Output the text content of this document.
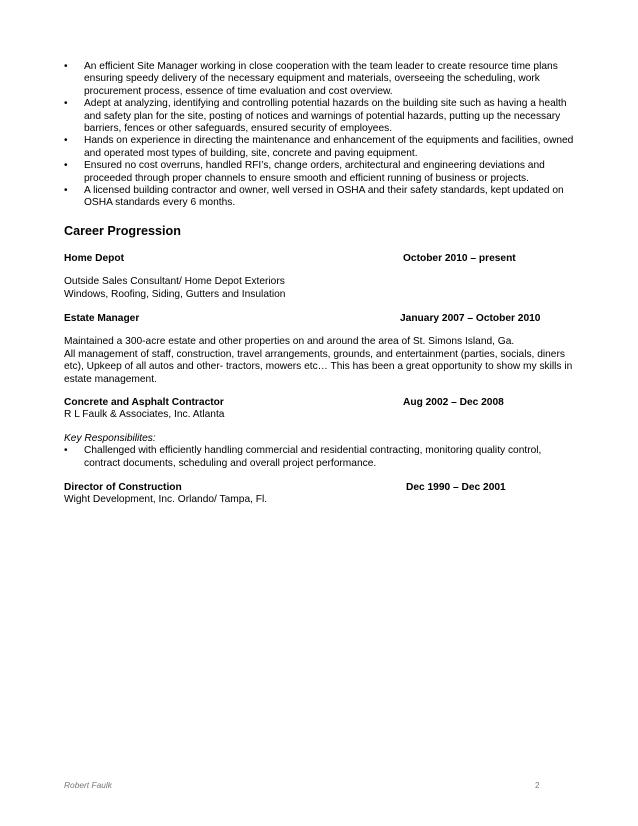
•	An efficient Site Manager working in close cooperation with the team leader to create resource time plans ensuring speedy delivery of the necessary equipment and materials, overseeing the scheduling, work procurement process, essence of time evaluation and cost overview.
•	Adept at analyzing, identifying and controlling potential hazards on the building site such as having a health and safety plan for the site, posting of notices and warnings of potential hazards, putting up the necessary barriers, fences or other safeguards, ensured security of employees.
•	Hands on experience in directing the maintenance and enhancement of the equipments and facilities, owned and operated most types of building, site, concrete and paving equipment.
•	Ensured no cost overruns, handled RFI’s, change orders, architectural and engineering deviations and proceeded through proper channels to ensure smooth and efficient running of business or projects.
•	A licensed building contractor and owner, well versed in OSHA and their safety standards, kept updated on OSHA standards every 6 months.
Career Progression
Home Depot	October 2010 – present
Outside Sales Consultant/ Home Depot Exteriors
Windows, Roofing, Siding, Gutters and Insulation
Estate Manager	January 2007 – October 2010
Maintained a 300-acre estate and other properties on and around the area of St. Simons Island, Ga.
All management of staff, construction, travel arrangements, grounds, and entertainment (parties, socials, diners etc), Upkeep of all autos and other- tractors, mowers etc… This has been a great opportunity to show my skills in estate management.
Concrete and Asphalt Contractor	Aug 2002 – Dec 2008
R L Faulk & Associates, Inc. Atlanta
Key Responsibilites:
•	Challenged with efficiently handling commercial and residential contracting, monitoring quality control, contract documents, scheduling and overall project performance.
Director of Construction	Dec 1990 – Dec 2001
Wight Development, Inc. Orlando/ Tampa, Fl.
Robert Faulk	2
